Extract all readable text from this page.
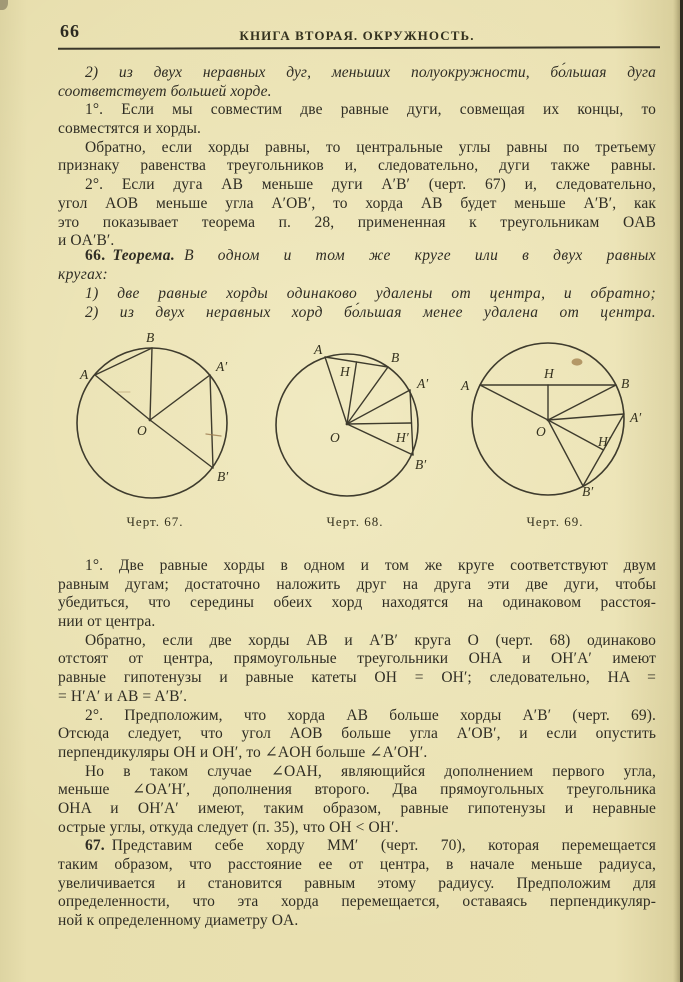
66	КНИГА ВТОРАЯ. ОКРУЖНОСТЬ.
2) из двух неравных дуг, меньших полуокружности, бо́льшая дуга
соответствует большей хорде.
1°. Если мы совместим две равные дуги, совмещая их концы, то
совместятся и хорды.
Обратно, если хорды равны, то центральные углы равны по третьему
признаку равенства треугольников и, следовательно, дуги также равны.
2°. Если дуга AB меньше дуги A′B′ (черт. 67) и, следовательно,
угол AOB меньше угла A′OB′, то хорда AB будет меньше A′B′, как
это показывает теорема п. 28, примененная к треугольникам OAB
и OA′B′.
66. Теорема. В одном и том же круге или в двух равных
кругах:
1) две равные хорды одинаково удалены от центра, и обратно;
2) из двух неравных хорд бо́льшая менее удалена от центра.
A
B
A′
B′
O
A
H
B
A′
O	H′
B′
A
H
B
A′
O
H′
B′
Черт. 67.	Черт. 68.	Черт. 69.
1°. Две равные хорды в одном и том же круге соответствуют двум
равным дугам; достаточно наложить друг на друга эти две дуги, чтобы
убедиться, что середины обеих хорд находятся на одинаковом расстоя-
нии от центра.
Обратно, если две хорды AB и A′B′ круга O (черт. 68) одинаково
отстоят от центра, прямоугольные треугольники OHA и OH′A′ имеют
равные гипотенузы и равные катеты OH = OH′; следовательно, HA =
= H′A′ и AB = A′B′.
2°. Предположим, что хорда AB больше хорды A′B′ (черт. 69).
Отсюда следует, что угол AOB больше угла A′OB′, и если опустить
перпендикуляры OH и OH′, то ∠AOH больше ∠A′OH′.
Но в таком случае ∠OAH, являющийся дополнением первого угла,
меньше ∠OA′H′, дополнения второго. Два прямоугольных треугольника
OHA и OH′A′ имеют, таким образом, равные гипотенузы и неравные
острые углы, откуда следует (п. 35), что OH < OH′.
67. Представим себе хорду MM′ (черт. 70), которая перемещается
таким образом, что расстояние ее от центра, в начале меньше радиуса,
увеличивается и становится равным этому радиусу. Предположим для
определенности, что эта хорда перемещается, оставаясь перпендикуляр-
ной к определенному диаметру OA.
